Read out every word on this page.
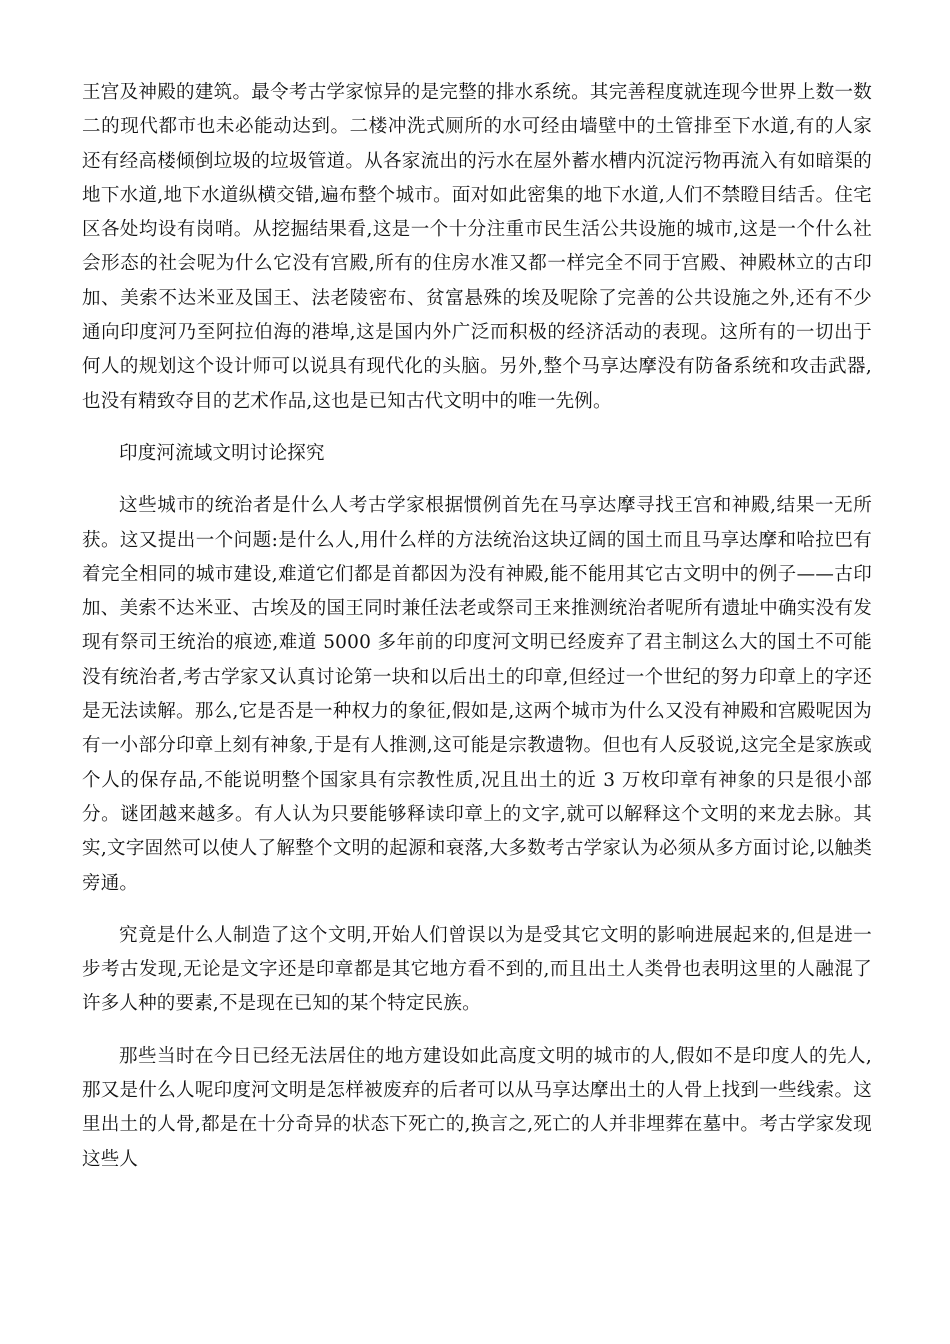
王宫及神殿的建筑。最令考古学家惊异的是完整的排水系统。其完善程度就连现今世界上数一数二的现代都市也未必能动达到。二楼冲洗式厕所的水可经由墙壁中的土管排至下水道,有的人家还有经高楼倾倒垃圾的垃圾管道。从各家流出的污水在屋外蓄水槽内沉淀污物再流入有如暗渠的地下水道,地下水道纵横交错,遍布整个城市。面对如此密集的地下水道,人们不禁瞪目结舌。住宅区各处均设有岗哨。从挖掘结果看,这是一个十分注重市民生活公共设施的城市,这是一个什么社会形态的社会呢为什么它没有宫殿,所有的住房水准又都一样完全不同于宫殿、神殿林立的古印加、美索不达米亚及国王、法老陵密布、贫富悬殊的埃及呢除了完善的公共设施之外,还有不少通向印度河乃至阿拉伯海的港埠,这是国内外广泛而积极的经济活动的表现。这所有的一切出于何人的规划这个设计师可以说具有现代化的头脑。另外,整个马享达摩没有防备系统和攻击武器,也没有精致夺目的艺术作品,这也是已知古代文明中的唯一先例。

印度河流域文明讨论探究

这些城市的统治者是什么人考古学家根据惯例首先在马享达摩寻找王宫和神殿,结果一无所获。这又提出一个问题:是什么人,用什么样的方法统治这块辽阔的国土而且马享达摩和哈拉巴有着完全相同的城市建设,难道它们都是首都因为没有神殿,能不能用其它古文明中的例子——古印加、美索不达米亚、古埃及的国王同时兼任法老或祭司王来推测统治者呢所有遗址中确实没有发现有祭司王统治的痕迹,难道 5000 多年前的印度河文明已经废弃了君主制这么大的国土不可能没有统治者,考古学家又认真讨论第一块和以后出土的印章,但经过一个世纪的努力印章上的字还是无法读解。那么,它是否是一种权力的象征,假如是,这两个城市为什么又没有神殿和宫殿呢因为有一小部分印章上刻有神象,于是有人推测,这可能是宗教遗物。但也有人反驳说,这完全是家族或个人的保存品,不能说明整个国家具有宗教性质,况且出土的近 3 万枚印章有神象的只是很小部分。谜团越来越多。有人认为只要能够释读印章上的文字,就可以解释这个文明的来龙去脉。其实,文字固然可以使人了解整个文明的起源和衰落,大多数考古学家认为必须从多方面讨论,以触类旁通。

究竟是什么人制造了这个文明,开始人们曾误以为是受其它文明的影响进展起来的,但是进一步考古发现,无论是文字还是印章都是其它地方看不到的,而且出土人类骨也表明这里的人融混了许多人种的要素,不是现在已知的某个特定民族。

那些当时在今日已经无法居住的地方建设如此高度文明的城市的人,假如不是印度人的先人,那又是什么人呢印度河文明是怎样被废弃的后者可以从马享达摩出土的人骨上找到一些线索。这里出土的人骨,都是在十分奇异的状态下死亡的,换言之,死亡的人并非埋葬在墓中。考古学家发现这些人
